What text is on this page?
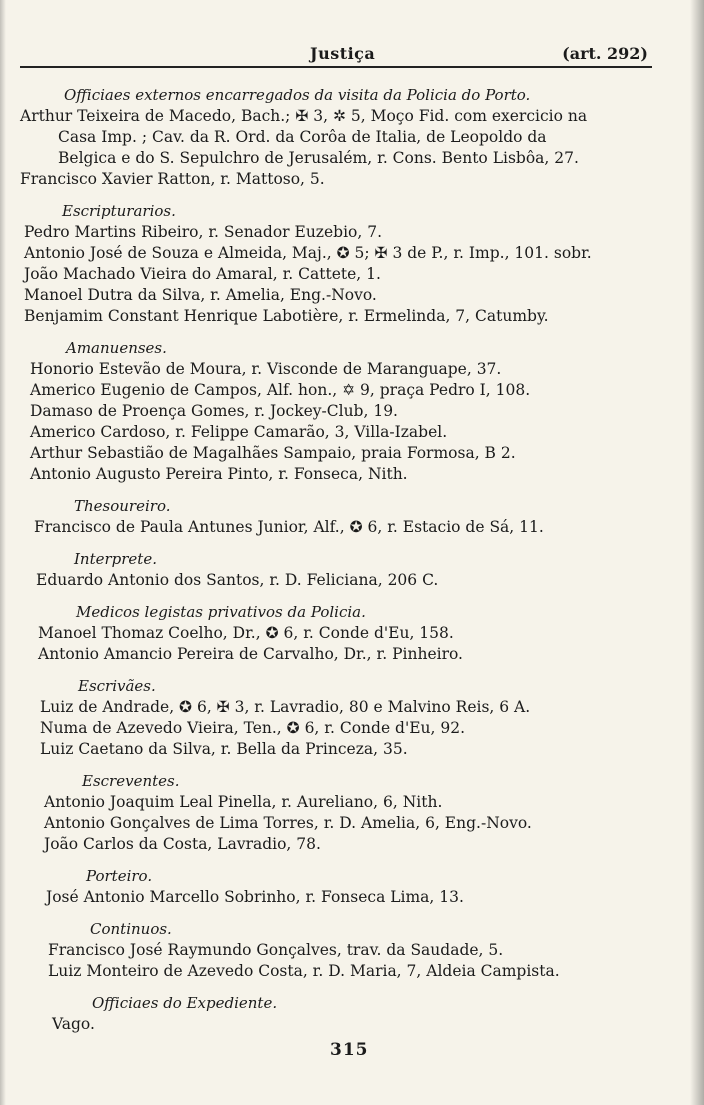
Justiça	(art. 292)

Officiaes externos encarregados da visita da Policia do Porto.

Arthur Teixeira de Macedo, Bach.; ✠ 3, ✲ 5, Moço Fid. com exercicio na

Casa Imp. ; Cav. da R. Ord. da Corôa de Italia, de Leopoldo da

Belgica e do S. Sepulchro de Jerusalém, r. Cons. Bento Lisbôa, 27.

Francisco Xavier Ratton, r. Mattoso, 5.

Escripturarios.

Pedro Martins Ribeiro, r. Senador Euzebio, 7.

Antonio José de Souza e Almeida, Maj., ✪ 5; ✠ 3 de P., r. Imp., 101. sobr.

João Machado Vieira do Amaral, r. Cattete, 1.

Manoel Dutra da Silva, r. Amelia, Eng.-Novo.

Benjamim Constant Henrique Labotière, r. Ermelinda, 7, Catumby.

Amanuenses.

Honorio Estevão de Moura, r. Visconde de Maranguape, 37.

Americo Eugenio de Campos, Alf. hon., ✡ 9, praça Pedro I, 108.

Damaso de Proença Gomes, r. Jockey-Club, 19.

Americo Cardoso, r. Felippe Camarão, 3, Villa-Izabel.

Arthur Sebastião de Magalhães Sampaio, praia Formosa, B 2.

Antonio Augusto Pereira Pinto, r. Fonseca, Nith.

Thesoureiro.

Francisco de Paula Antunes Junior, Alf., ✪ 6, r. Estacio de Sá, 11.

Interprete.

Eduardo Antonio dos Santos, r. D. Feliciana, 206 C.

Medicos legistas privativos da Policia.

Manoel Thomaz Coelho, Dr., ✪ 6, r. Conde d'Eu, 158.

Antonio Amancio Pereira de Carvalho, Dr., r. Pinheiro.

Escrivães.

Luiz de Andrade, ✪ 6, ✠ 3, r. Lavradio, 80 e Malvino Reis, 6 A.

Numa de Azevedo Vieira, Ten., ✪ 6, r. Conde d'Eu, 92.

Luiz Caetano da Silva, r. Bella da Princeza, 35.

Escreventes.

Antonio Joaquim Leal Pinella, r. Aureliano, 6, Nith.

Antonio Gonçalves de Lima Torres, r. D. Amelia, 6, Eng.-Novo.

João Carlos da Costa, Lavradio, 78.

Porteiro.

José Antonio Marcello Sobrinho, r. Fonseca Lima, 13.

Continuos.

Francisco José Raymundo Gonçalves, trav. da Saudade, 5.

Luiz Monteiro de Azevedo Costa, r. D. Maria, 7, Aldeia Campista.

Officiaes do Expediente.

Vago.

315
